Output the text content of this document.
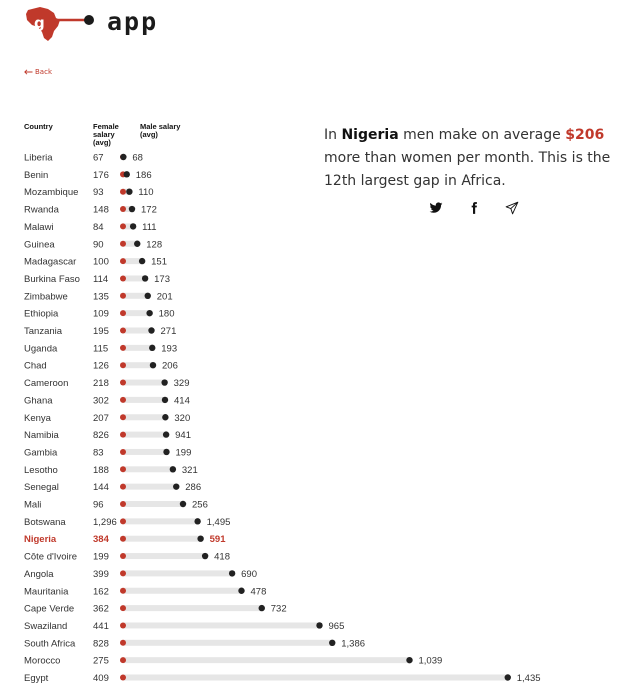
g app
Back
Country	Female salary (avg)
Male salary (avg)
Liberia	67	68
Benin	176	186
Mozambique 93	110
Rwanda	148	172
Malawi	84	111
Guinea	90	128
Madagascar 100	151
Burkina Faso 114	173
Zimbabwe	135	201
Ethiopia	109	180
Tanzania	195	271
Uganda	115	193
Chad	126	206
Cameroon	218	329
Ghana	302	414
Kenya	207	320
Namibia	826	941
Gambia	83	199
Lesotho	188	321
Senegal	144	286
Mali	96	256
Botswana	1,296	1,495
Nigeria	384	591
Côte d'Ivoire 199	418
Angola	399	690
Mauritania	162	478
Cape Verde 362	732
Swaziland	441	965
South Africa 828	1,386
Morocco	275	1,039
Egypt	409	1,435
In Nigeria men make on average $206 more than women per month. This is the 12th largest gap in Africa.
